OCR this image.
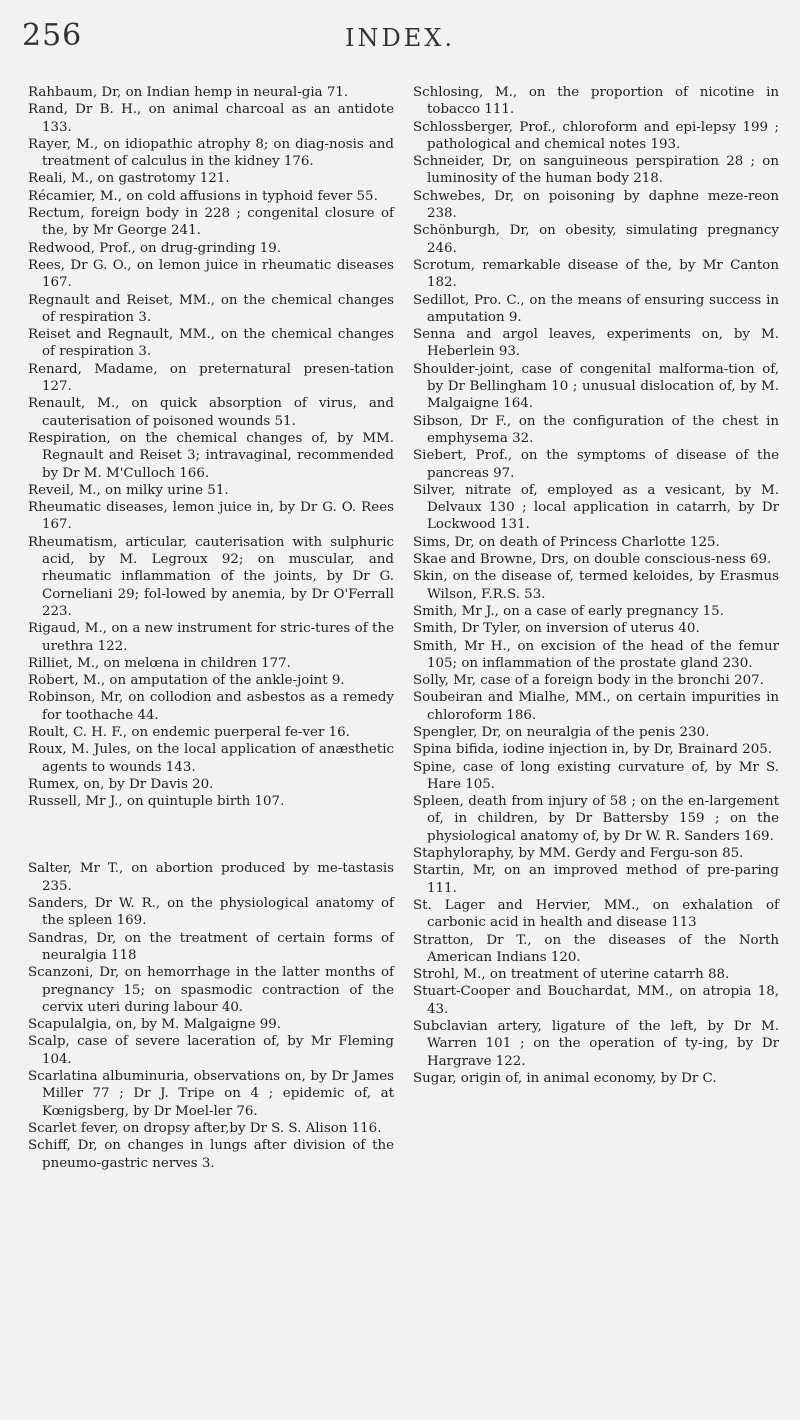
256	INDEX.
Rahbaum, Dr, on Indian hemp in neural-gia 71.
Rand, Dr B. H., on animal charcoal as an antidote 133.
Rayer, M., on idiopathic atrophy 8; on diag-nosis and treatment of calculus in the kidney 176.
Reali, M., on gastrotomy 121.
Récamier, M., on cold affusions in typhoid fever 55.
Rectum, foreign body in 228 ; congenital closure of the, by Mr George 241.
Redwood, Prof., on drug-grinding 19.
Rees, Dr G. O., on lemon juice in rheumatic diseases 167.
Regnault and Reiset, MM., on the chemical changes of respiration 3.
Reiset and Regnault, MM., on the chemical changes of respiration 3.
Renard, Madame, on preternatural presen-tation 127.
Renault, M., on quick absorption of virus, and cauterisation of poisoned wounds 51.
Respiration, on the chemical changes of, by MM. Regnault and Reiset 3; intravaginal, recommended by Dr M. M'Culloch 166.
Reveil, M., on milky urine 51.
Rheumatic diseases, lemon juice in, by Dr G. O. Rees 167.
Rheumatism, articular, cauterisation with sulphuric acid, by M. Legroux 92; on muscular, and rheumatic inflammation of the joints, by Dr G. Corneliani 29; fol-lowed by anemia, by Dr O'Ferrall 223.
Rigaud, M., on a new instrument for stric-tures of the urethra 122.
Rilliet, M., on melœna in children 177.
Robert, M., on amputation of the ankle-joint 9.
Robinson, Mr, on collodion and asbestos as a remedy for toothache 44.
Roult, C. H. F., on endemic puerperal fe-ver 16.
Roux, M. Jules, on the local application of anæsthetic agents to wounds 143.
Rumex, on, by Dr Davis 20.
Russell, Mr J., on quintuple birth 107.
Salter, Mr T., on abortion produced by me-tastasis 235.
Sanders, Dr W. R., on the physiological anatomy of the spleen 169.
Sandras, Dr, on the treatment of certain forms of neuralgia 118
Scanzoni, Dr, on hemorrhage in the latter months of pregnancy 15; on spasmodic contraction of the cervix uteri during labour 40.
Scapulalgia, on, by M. Malgaigne 99.
Scalp, case of severe laceration of, by Mr Fleming 104.
Scarlatina albuminuria, observations on, by Dr James Miller 77 ; Dr J. Tripe on 4 ; epidemic of, at Kœnigsberg, by Dr Moel-ler 76.
Scarlet fever, on dropsy after,by Dr S. S. Alison 116.
Schiff, Dr, on changes in lungs after division of the pneumo-gastric nerves 3.
Schlosing, M., on the proportion of nicotine in tobacco 111.
Schlossberger, Prof., chloroform and epi-lepsy 199 ; pathological and chemical notes 193.
Schneider, Dr, on sanguineous perspiration 28 ; on luminosity of the human body 218.
Schwebes, Dr, on poisoning by daphne meze-reon 238.
Schönburgh, Dr, on obesity, simulating pregnancy 246.
Scrotum, remarkable disease of the, by Mr Canton 182.
Sedillot, Pro. C., on the means of ensuring success in amputation 9.
Senna and argol leaves, experiments on, by M. Heberlein 93.
Shoulder-joint, case of congenital malforma-tion of, by Dr Bellingham 10 ; unusual dislocation of, by M. Malgaigne 164.
Sibson, Dr F., on the configuration of the chest in emphysema 32.
Siebert, Prof., on the symptoms of disease of the pancreas 97.
Silver, nitrate of, employed as a vesicant, by M. Delvaux 130 ; local application in catarrh, by Dr Lockwood 131.
Sims, Dr, on death of Princess Charlotte 125.
Skae and Browne, Drs, on double conscious-ness 69.
Skin, on the disease of, termed keloides, by Erasmus Wilson, F.R.S. 53.
Smith, Mr J., on a case of early pregnancy 15.
Smith, Dr Tyler, on inversion of uterus 40.
Smith, Mr H., on excision of the head of the femur 105; on inflammation of the prostate gland 230.
Solly, Mr, case of a foreign body in the bronchi 207.
Soubeiran and Mialhe, MM., on certain impurities in chloroform 186.
Spengler, Dr, on neuralgia of the penis 230.
Spina bifida, iodine injection in, by Dr, Brainard 205.
Spine, case of long existing curvature of, by Mr S. Hare 105.
Spleen, death from injury of 58 ; on the en-largement of, in children, by Dr Battersby 159 ; on the physiological anatomy of, by Dr W. R. Sanders 169.
Staphyloraphy, by MM. Gerdy and Fergu-son 85.
Startin, Mr, on an improved method of pre-paring 111.
St. Lager and Hervier, MM., on exhalation of carbonic acid in health and disease 113
Stratton, Dr T., on the diseases of the North American Indians 120.
Strohl, M., on treatment of uterine catarrh 88.
Stuart-Cooper and Bouchardat, MM., on atropia 18, 43.
Subclavian artery, ligature of the left, by Dr M. Warren 101 ; on the operation of ty-ing, by Dr Hargrave 122.
Sugar, origin of, in animal economy, by Dr C.
